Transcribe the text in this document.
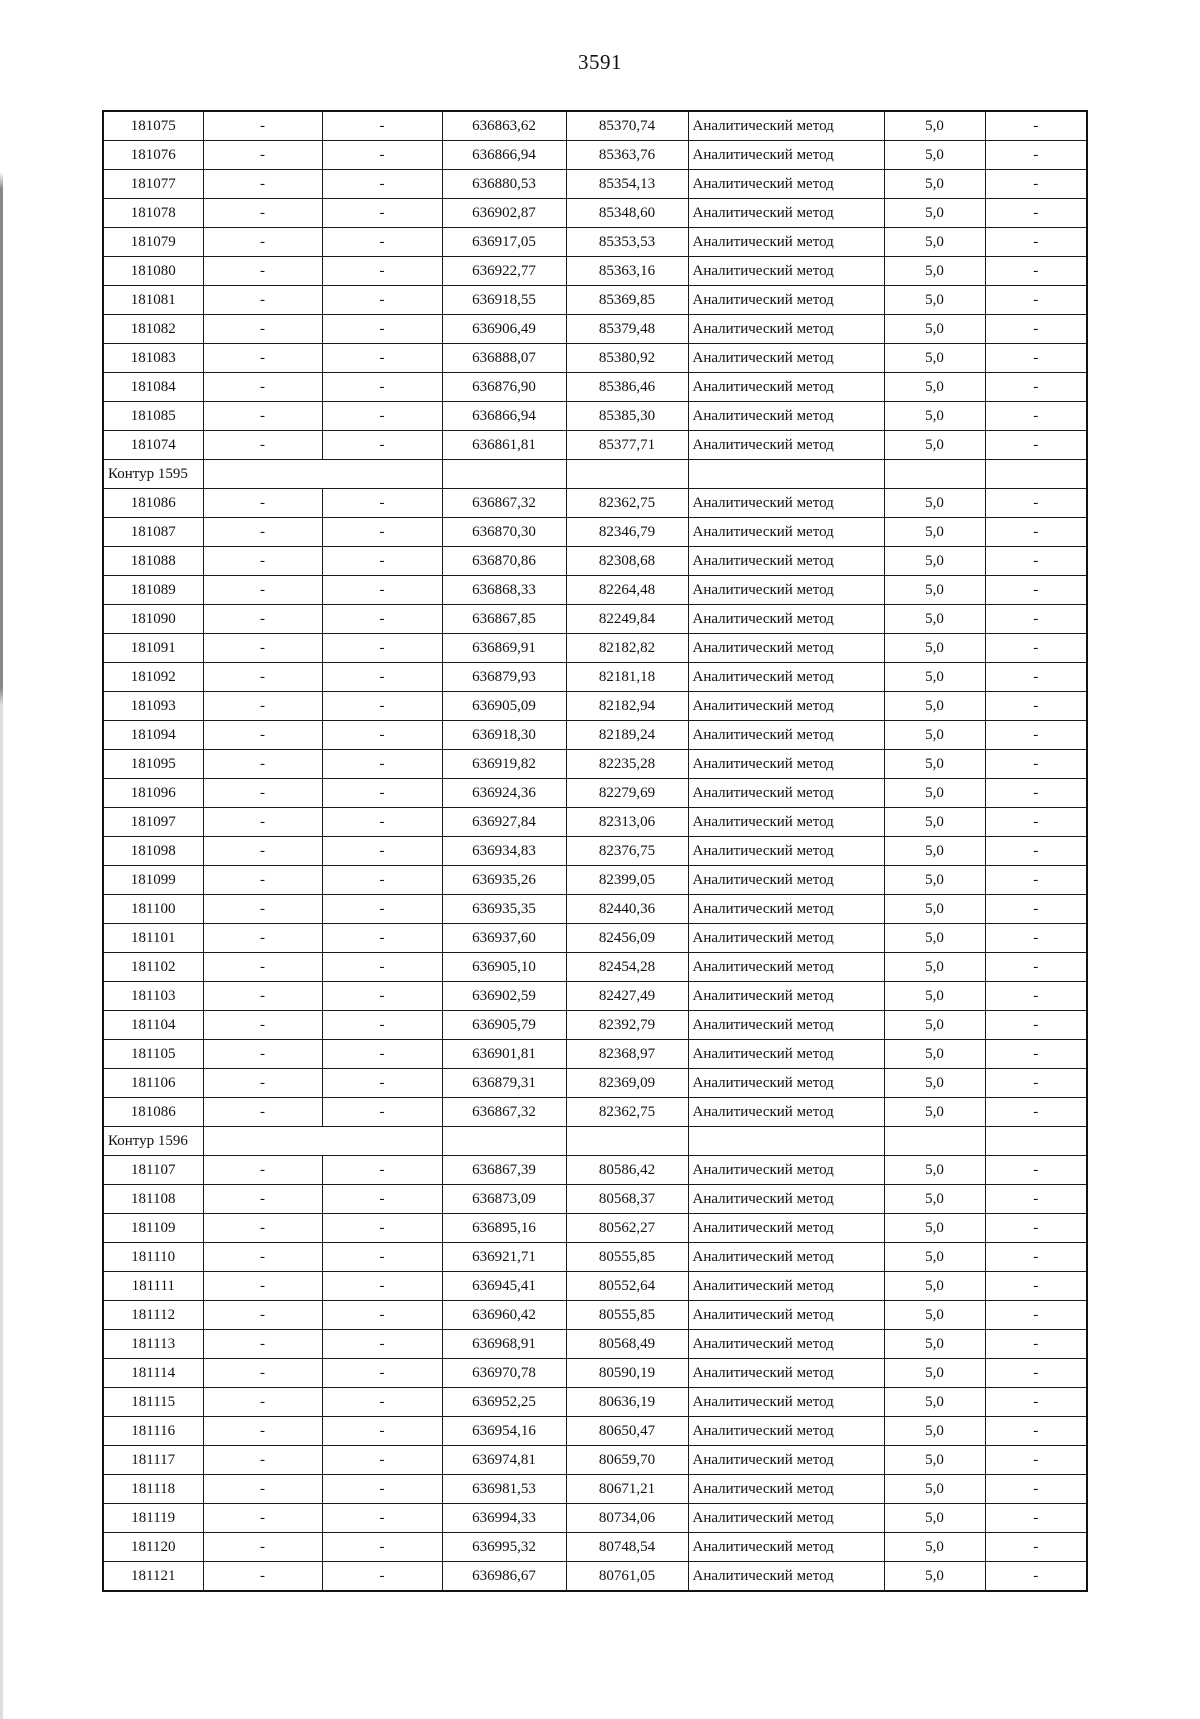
3591
181075	-	-	636863,62	85370,74	Аналитический метод	5,0	-
181076	-	-	636866,94	85363,76	Аналитический метод	5,0	-
181077	-	-	636880,53	85354,13	Аналитический метод	5,0	-
181078	-	-	636902,87	85348,60	Аналитический метод	5,0	-
181079	-	-	636917,05	85353,53	Аналитический метод	5,0	-
181080	-	-	636922,77	85363,16	Аналитический метод	5,0	-
181081	-	-	636918,55	85369,85	Аналитический метод	5,0	-
181082	-	-	636906,49	85379,48	Аналитический метод	5,0	-
181083	-	-	636888,07	85380,92	Аналитический метод	5,0	-
181084	-	-	636876,90	85386,46	Аналитический метод	5,0	-
181085	-	-	636866,94	85385,30	Аналитический метод	5,0	-
181074	-	-	636861,81	85377,71	Аналитический метод	5,0	-
Контур 1595							
181086	-	-	636867,32	82362,75	Аналитический метод	5,0	-
181087	-	-	636870,30	82346,79	Аналитический метод	5,0	-
181088	-	-	636870,86	82308,68	Аналитический метод	5,0	-
181089	-	-	636868,33	82264,48	Аналитический метод	5,0	-
181090	-	-	636867,85	82249,84	Аналитический метод	5,0	-
181091	-	-	636869,91	82182,82	Аналитический метод	5,0	-
181092	-	-	636879,93	82181,18	Аналитический метод	5,0	-
181093	-	-	636905,09	82182,94	Аналитический метод	5,0	-
181094	-	-	636918,30	82189,24	Аналитический метод	5,0	-
181095	-	-	636919,82	82235,28	Аналитический метод	5,0	-
181096	-	-	636924,36	82279,69	Аналитический метод	5,0	-
181097	-	-	636927,84	82313,06	Аналитический метод	5,0	-
181098	-	-	636934,83	82376,75	Аналитический метод	5,0	-
181099	-	-	636935,26	82399,05	Аналитический метод	5,0	-
181100	-	-	636935,35	82440,36	Аналитический метод	5,0	-
181101	-	-	636937,60	82456,09	Аналитический метод	5,0	-
181102	-	-	636905,10	82454,28	Аналитический метод	5,0	-
181103	-	-	636902,59	82427,49	Аналитический метод	5,0	-
181104	-	-	636905,79	82392,79	Аналитический метод	5,0	-
181105	-	-	636901,81	82368,97	Аналитический метод	5,0	-
181106	-	-	636879,31	82369,09	Аналитический метод	5,0	-
181086	-	-	636867,32	82362,75	Аналитический метод	5,0	-
Контур 1596							
181107	-	-	636867,39	80586,42	Аналитический метод	5,0	-
181108	-	-	636873,09	80568,37	Аналитический метод	5,0	-
181109	-	-	636895,16	80562,27	Аналитический метод	5,0	-
181110	-	-	636921,71	80555,85	Аналитический метод	5,0	-
181111	-	-	636945,41	80552,64	Аналитический метод	5,0	-
181112	-	-	636960,42	80555,85	Аналитический метод	5,0	-
181113	-	-	636968,91	80568,49	Аналитический метод	5,0	-
181114	-	-	636970,78	80590,19	Аналитический метод	5,0	-
181115	-	-	636952,25	80636,19	Аналитический метод	5,0	-
181116	-	-	636954,16	80650,47	Аналитический метод	5,0	-
181117	-	-	636974,81	80659,70	Аналитический метод	5,0	-
181118	-	-	636981,53	80671,21	Аналитический метод	5,0	-
181119	-	-	636994,33	80734,06	Аналитический метод	5,0	-
181120	-	-	636995,32	80748,54	Аналитический метод	5,0	-
181121	-	-	636986,67	80761,05	Аналитический метод	5,0	-
